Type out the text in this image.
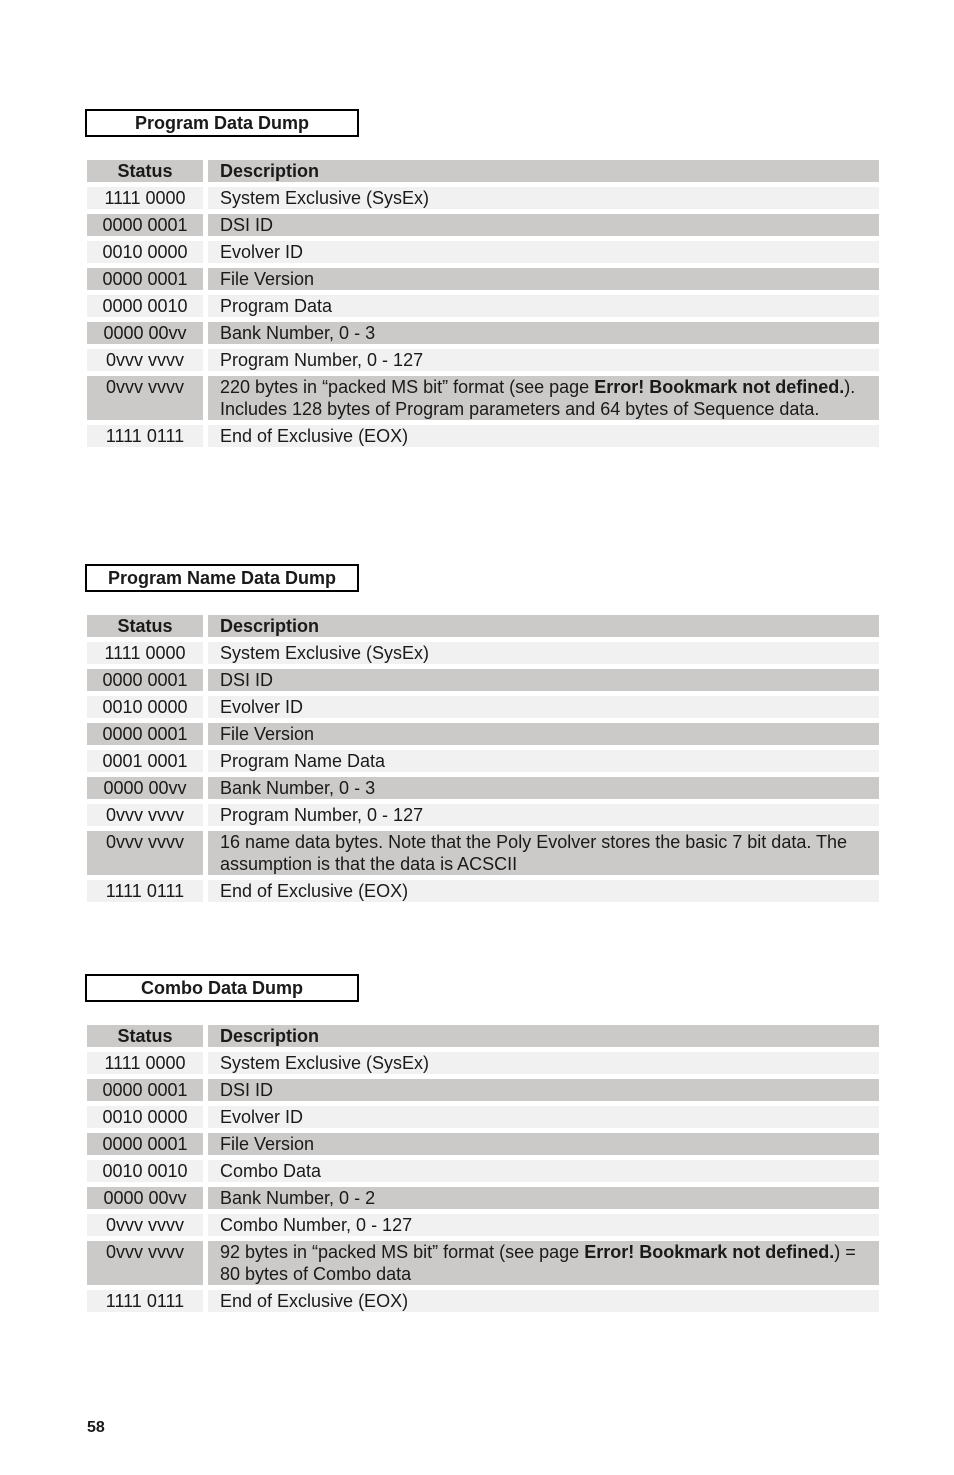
Program Data Dump
Status	Description
1111 0000	System Exclusive (SysEx)
0000 0001	DSI ID
0010 0000	Evolver ID
0000 0001	File Version
0000 0010	Program Data
0000 00vv	Bank Number, 0 - 3
0vvv vvvv	Program Number, 0 - 127
0vvv vvvv	220 bytes in “packed MS bit” format (see page Error! Bookmark not defined.). Includes 128 bytes of Program parameters and 64 bytes of Sequence data.
1111 0111	End of Exclusive (EOX)
Program Name Data Dump
Status	Description
1111 0000	System Exclusive (SysEx)
0000 0001	DSI ID
0010 0000	Evolver ID
0000 0001	File Version
0001 0001	Program Name Data
0000 00vv	Bank Number, 0 - 3
0vvv vvvv	Program Number, 0 - 127
0vvv vvvv	16 name data bytes. Note that the Poly Evolver stores the basic 7 bit data. The assumption is that the data is ACSCII
1111 0111	End of Exclusive (EOX)
Combo Data Dump
Status	Description
1111 0000	System Exclusive (SysEx)
0000 0001	DSI ID
0010 0000	Evolver ID
0000 0001	File Version
0010 0010	Combo Data
0000 00vv	Bank Number, 0 - 2
0vvv vvvv	Combo Number, 0 - 127
0vvv vvvv	92 bytes in “packed MS bit” format (see page Error! Bookmark not defined.) = 80 bytes of Combo data
1111 0111	End of Exclusive (EOX)
58
